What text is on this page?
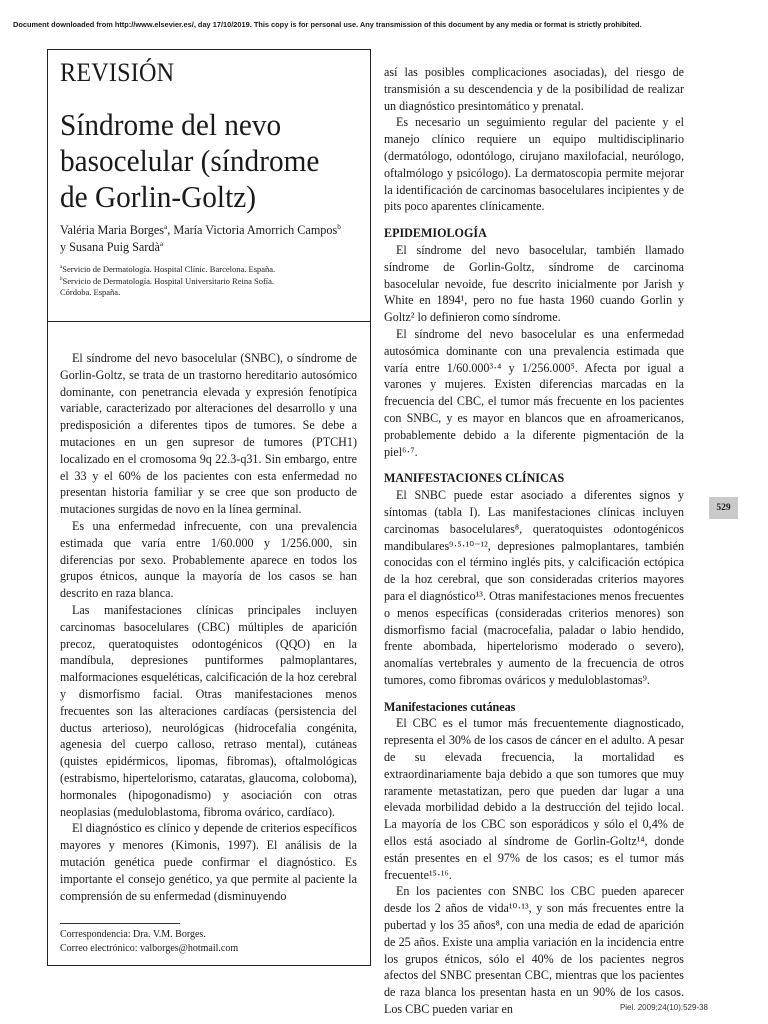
Document downloaded from http://www.elsevier.es/, day 17/10/2019. This copy is for personal use. Any transmission of this document by any media or format is strictly prohibited.
REVISIÓN
Síndrome del nevo
basocelular (síndrome
de Gorlin-Goltz)
Valéria Maria Borges$^a$, María Victoria Amorrich Campos$^b$
y Susana Puig Sardà$^a$
$^a$Servicio de Dermatología. Hospital Clínic. Barcelona. España.
$^b$Servicio de Dermatología. Hospital Universitario Reina Sofía.
Córdoba. España.

El síndrome del nevo basocelular (SNBC), o síndrome de Gorlin-Goltz, se trata de un trastorno hereditario autosómico dominante, con penetrancia elevada y expresión fenotípica variable, caracterizado por alteraciones del desarrollo y una predisposición a diferentes tipos de tumores. Se debe a mutaciones en un gen supresor de tumores (PTCH1) localizado en el cromosoma 9q 22.3-q31. Sin embargo, entre el 33 y el 60% de los pacientes con esta enfermedad no presentan historia familiar y se cree que son producto de mutaciones surgidas de novo en la línea germinal.

Es una enfermedad infrecuente, con una prevalencia estimada que varía entre 1/60.000 y 1/256.000, sin diferencias por sexo. Probablemente aparece en todos los grupos étnicos, aunque la mayoría de los casos se han descrito en raza blanca.

Las manifestaciones clínicas principales incluyen carcinomas basocelulares (CBC) múltiples de aparición precoz, queratoquistes odontogénicos (QQO) en la mandíbula, depresiones puntiformes palmoplantares, malformaciones esqueléticas, calcificación de la hoz cerebral y dismorfismo facial. Otras manifestaciones menos frecuentes son las alteraciones cardíacas (persistencia del ductus arterioso), neurológicas (hidrocefalia congénita, agenesia del cuerpo calloso, retraso mental), cutáneas (quistes epidérmicos, lipomas, fibromas), oftalmológicas (estrabismo, hipertelorismo, cataratas, glaucoma, coloboma), hormonales (hipogonadismo) y asociación con otras neoplasias (meduloblastoma, fibroma ovárico, cardíaco).

El diagnóstico es clínico y depende de criterios específicos mayores y menores (Kimonis, 1997). El análisis de la mutación genética puede confirmar el diagnóstico. Es importante el consejo genético, ya que permite al paciente la comprensión de su enfermedad (disminuyendo

Correspondencia: Dra. V.M. Borges.
Correo electrónico: valborges@hotmail.com

así las posibles complicaciones asociadas), del riesgo de transmisión a su descendencia y de la posibilidad de realizar un diagnóstico presintomático y prenatal.

Es necesario un seguimiento regular del paciente y el manejo clínico requiere un equipo multidisciplinario (dermatólogo, odontólogo, cirujano maxilofacial, neurólogo, oftalmólogo y psicólogo). La dermatoscopia permite mejorar la identificación de carcinomas basocelulares incipientes y de pits poco aparentes clínicamente.

EPIDEMIOLOGÍA

El síndrome del nevo basocelular, también llamado síndrome de Gorlin-Goltz, síndrome de carcinoma basocelular nevoide, fue descrito inicialmente por Jarish y White en 1894¹, pero no fue hasta 1960 cuando Gorlin y Goltz² lo definieron como síndrome.

El síndrome del nevo basocelular es una enfermedad autosómica dominante con una prevalencia estimada que varía entre 1/60.000³·⁴ y 1/256.000⁵. Afecta por igual a varones y mujeres. Existen diferencias marcadas en la frecuencia del CBC, el tumor más frecuente en los pacientes con SNBC, y es mayor en blancos que en afroamericanos, probablemente debido a la diferente pigmentación de la piel⁶·⁷.

MANIFESTACIONES CLÍNICAS

El SNBC puede estar asociado a diferentes signos y síntomas (tabla I). Las manifestaciones clínicas incluyen carcinomas basocelulares⁸, queratoquistes odontogénicos mandibulares⁹·⁵·¹⁰⁻¹², depresiones palmoplantares, también conocidas con el término inglés pits, y calcificación ectópica de la hoz cerebral, que son consideradas criterios mayores para el diagnóstico¹³. Otras manifestaciones menos frecuentes o menos específicas (consideradas criterios menores) son dismorfismo facial (macrocefalia, paladar o labio hendido, frente abombada, hipertelorismo moderado o severo), anomalías vertebrales y aumento de la frecuencia de otros tumores, como fibromas ováricos y meduloblastomas⁹.

Manifestaciones cutáneas

El CBC es el tumor más frecuentemente diagnosticado, representa el 30% de los casos de cáncer en el adulto. A pesar de su elevada frecuencia, la mortalidad es extraordinariamente baja debido a que son tumores que muy raramente metastatizan, pero que pueden dar lugar a una elevada morbilidad debido a la destrucción del tejido local. La mayoría de los CBC son esporádicos y sólo el 0,4% de ellos está asociado al síndrome de Gorlin-Goltz¹⁴, donde están presentes en el 97% de los casos; es el tumor más frecuente¹⁵·¹⁶.

En los pacientes con SNBC los CBC pueden aparecer desde los 2 años de vida¹⁰·¹³, y son más frecuentes entre la pubertad y los 35 años⁸, con una media de edad de aparición de 25 años. Existe una amplia variación en la incidencia entre los grupos étnicos, sólo el 40% de los pacientes negros afectos del SNBC presentan CBC, mientras que los pacientes de raza blanca los presentan hasta en un 90% de los casos. Los CBC pueden variar en

529
Piel. 2009;24(10):529-38
